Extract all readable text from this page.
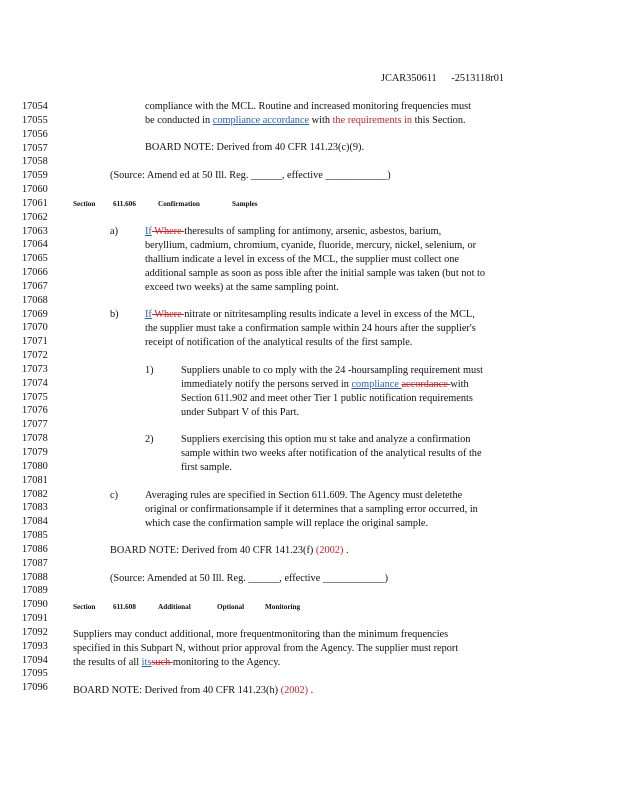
JCAR350611 -2513118r01
17054
17055
17056
17057
17058
17059
17060
17061
17062
17063
17064
17065
17066
17067
17068
17069
17070
17071
17072
17073
17074
17075
17076
17077
17078
17079
17080
17081
17082
17083
17084
17085
17086
17087
17088
17089
17090
17091
17092
17093
17094
17095
17096
compliance with the MCL. Routine and increased monitoring frequencies must
be conducted in compliance accordance with the requirements in this Section.
BOARD NOTE: Derived from 40 CFR 141.23(c)(9).
(Source: Amend ed at 50 Ill. Reg. ______, effective ____________)
Section 611.606	Confirmation	Samples
a)	If Where theresults of sampling for antimony, arsenic, asbestos, barium,
beryllium, cadmium, chromium, cyanide, fluoride, mercury, nickel, selenium, or
thallium indicate a level in excess of the MCL, the supplier must collect one
additional sample as soon as poss ible after the initial sample was taken (but not to
exceed two weeks) at the same sampling point.
b)	If Where nitrate or nitritesampling results indicate a level in excess of the MCL,
the supplier must take a confirmation sample within 24 hours after the supplier's
receipt of notification of the analytical results of the first sample.
1)	Suppliers unable to co mply with the 24 -hoursampling requirement must
immediately notify the persons served in compliance accordance with
Section 611.902 and meet other Tier 1 public notification requirements
under Subpart V of this Part.
2)	Suppliers exercising this option mu st take and analyze a confirmation
sample within two weeks after notification of the analytical results of the
first sample.
c)	Averaging rules are specified in Section 611.609. The Agency must deletethe
original or confirmationsample if it determines that a sampling error occurred, in
which case the confirmation sample will replace the original sample.
BOARD NOTE: Derived from 40 CFR 141.23(f) (2002) .
(Source: Amended at 50 Ill. Reg. ______, effective ____________)
Section 611.608	Additional	Optional	Monitoring
Suppliers may conduct additional, more frequentmonitoring than the minimum frequencies
specified in this Subpart N, without prior approval from the Agency. The supplier must report
the results of all itssuch monitoring to the Agency.
BOARD NOTE: Derived from 40 CFR 141.23(h) (2002) .
